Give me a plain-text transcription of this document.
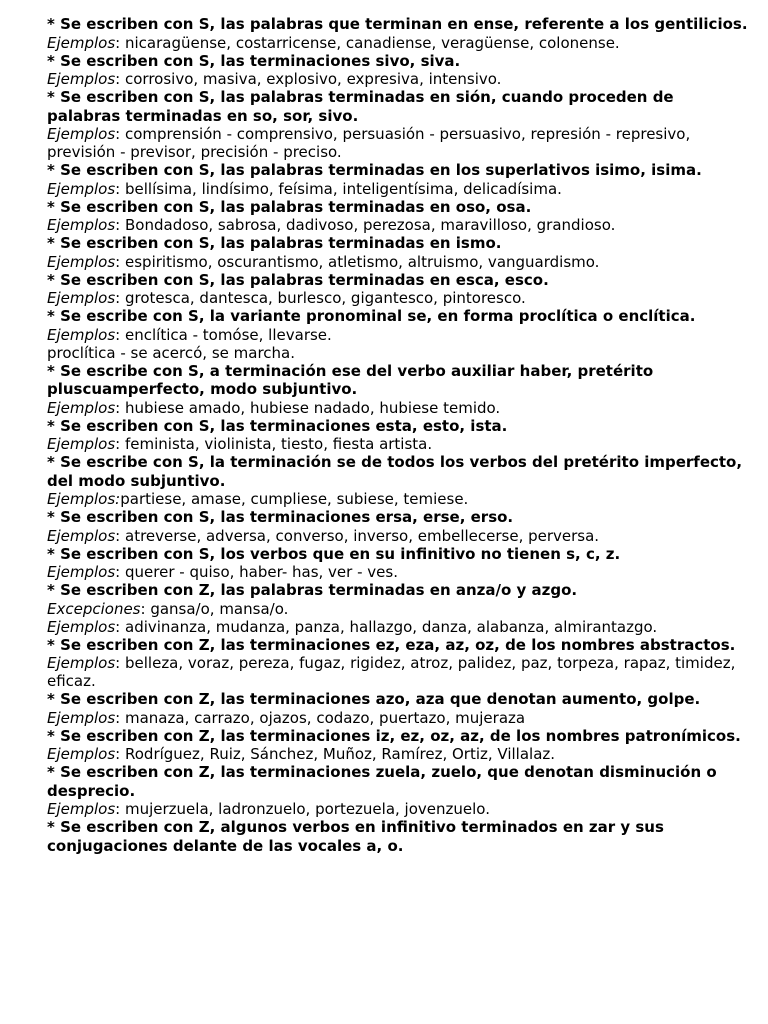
* Se escriben con S, las palabras que terminan en ense, referente a los gentilicios.

Ejemplos: nicaragüense, costarricense, canadiense, veragüense, colonense.

* Se escriben con S, las terminaciones sivo, siva.

Ejemplos: corrosivo, masiva, explosivo, expresiva, intensivo.

* Se escriben con S, las palabras terminadas en sión, cuando proceden de palabras terminadas en so, sor, sivo.

Ejemplos: comprensión - comprensivo, persuasión - persuasivo, represión - represivo, previsión - previsor, precisión - preciso.

* Se escriben con S, las palabras terminadas en los superlativos isimo, isima.

Ejemplos: bellísima, lindísimo, feísima, inteligentísima, delicadísima.

* Se escriben con S, las palabras terminadas en oso, osa.

Ejemplos: Bondadoso, sabrosa, dadivoso, perezosa, maravilloso, grandioso.

* Se escriben con S, las palabras terminadas en ismo.

Ejemplos: espiritismo, oscurantismo, atletismo, altruismo, vanguardismo.

* Se escriben con S, las palabras terminadas en esca, esco.

Ejemplos: grotesca, dantesca, burlesco, gigantesco, pintoresco.

* Se escribe con S, la variante pronominal se, en forma proclítica o enclítica.

Ejemplos: enclítica - tomóse, llevarse.

proclítica - se acercó, se marcha.

* Se escribe con S, a terminación ese del verbo auxiliar haber, pretérito pluscuamperfecto, modo subjuntivo.

Ejemplos: hubiese amado, hubiese nadado, hubiese temido.

* Se escriben con S, las terminaciones esta, esto, ista.

Ejemplos: feminista, violinista, tiesto, fiesta artista.

* Se escribe con S, la terminación se de todos los verbos del pretérito imperfecto, del modo subjuntivo.

Ejemplos:partiese, amase, cumpliese, subiese, temiese.

* Se escriben con S, las terminaciones ersa, erse, erso.

Ejemplos: atreverse, adversa, converso, inverso, embellecerse, perversa.

* Se escriben con S, los verbos que en su infinitivo no tienen s, c, z.

Ejemplos: querer - quiso, haber- has, ver - ves.

* Se escriben con Z, las palabras terminadas en anza/o y azgo.

Excepciones: gansa/o, mansa/o.

Ejemplos: adivinanza, mudanza, panza, hallazgo, danza, alabanza, almirantazgo.

* Se escriben con Z, las terminaciones ez, eza, az, oz, de los nombres abstractos.

Ejemplos: belleza, voraz, pereza, fugaz, rigidez, atroz, palidez, paz, torpeza, rapaz, timidez, eficaz.

* Se escriben con Z, las terminaciones azo, aza que denotan aumento, golpe.

Ejemplos: manaza, carrazo, ojazos, codazo, puertazo, mujeraza

* Se escriben con Z, las terminaciones iz, ez, oz, az, de los nombres patronímicos.

Ejemplos: Rodríguez, Ruiz, Sánchez, Muñoz, Ramírez, Ortiz, Villalaz.

* Se escriben con Z, las terminaciones zuela, zuelo, que denotan disminución o desprecio.

Ejemplos: mujerzuela, ladronzuelo, portezuela, jovenzuelo.

* Se escriben con Z, algunos verbos en infinitivo terminados en zar y sus conjugaciones delante de las vocales a, o.
